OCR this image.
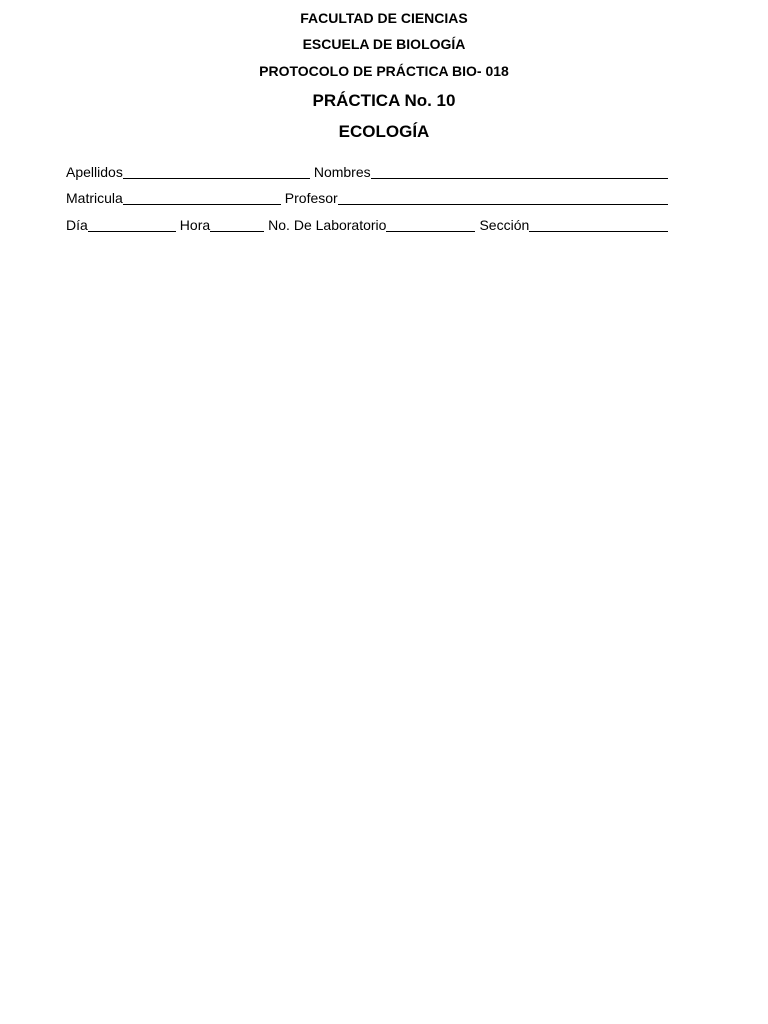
FACULTAD DE CIENCIAS
ESCUELA DE BIOLOGÍA
PROTOCOLO DE PRÁCTICA BIO- 018
PRÁCTICA No. 10
ECOLOGÍA
Apellidos	Nombres
Matricula	Profesor
Día	Hora	No. De Laboratorio	Sección
